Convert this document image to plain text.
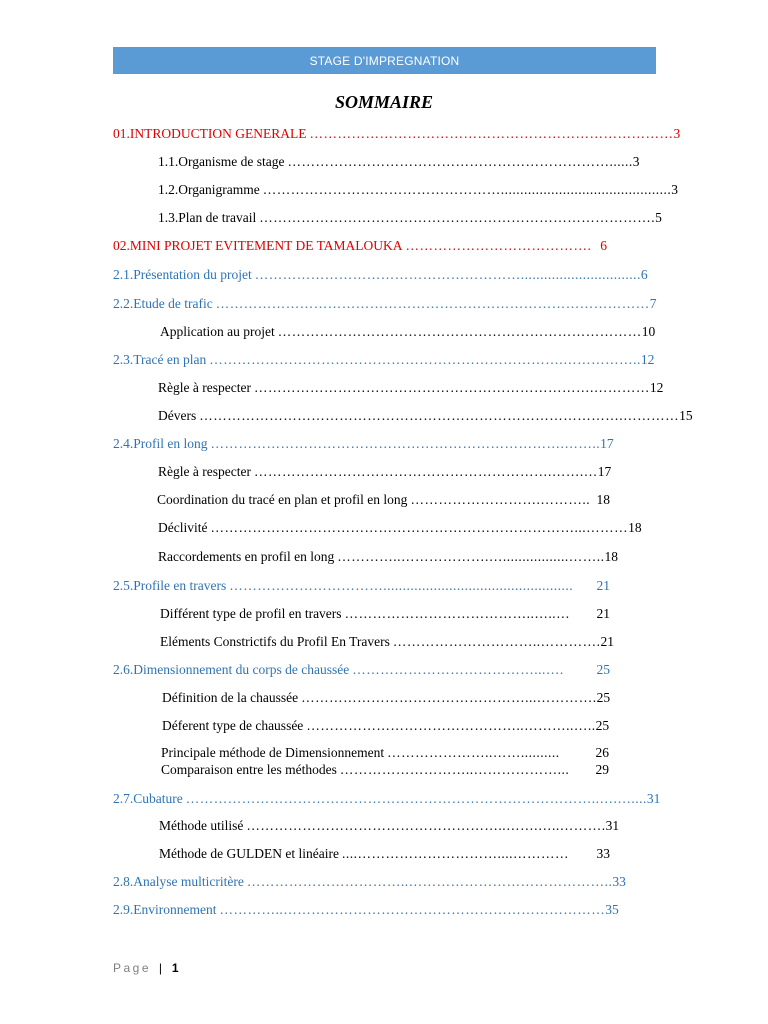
STAGE D'IMPREGNATION
SOMMAIRE
01.INTRODUCTION GENERALE …………………………………………………………………… 3
1.1.Organisme de stage ……………………………………………………………...... 3
1.2.Organigramme ……………………………………………............................................ 3
1.3.Plan de travail …………………………………………………………………………. 5
02.MINI PROJET EVITEMENT DE TAMALOUKA …………………………………. 6
2.1.Présentation du projet …………………………………………………............................... 6
2.2.Etude de trafic ………………………………………………………………………………… 7
Application au projet …………………………………………………………………… 10
2.3.Tracé en plan ………………………………………………………………….…………….. 12
Règle à respecter ……………………………………………………………….………… 12
Dévers ……………………………………………………………………………….………… 15
2.4.Profil en long ………………………………………………………………….…….. 17
Règle à respecter ……………………………………………………….…….… 17
Coordination du tracé en plan et profil en long ……………………….……….. 18
Déclivité ……………………………………………………………………...……… 18
Raccordements en profil en long …………..……………….….................…….. 18
2.5.Profile en travers …………………………….................................................	21
Différent type de profil en travers …………………………………..…..…	21
Eléments Constrictifs du Profil En Travers …………………………..…………. 21
2.6.Dimensionnement du corps de chaussée …………………………………...….	25
Définition de la chaussée …………………………………………...…………. 25
Déferent type de chaussée ………………………………………..………..….. 25
Principale méthode de Dimensionnement …………………..……..........	26
Comparaison entre les méthodes ………………………..………………...	29
2.7.Cubature ……………………………………………………………………………..….….... 31
Méthode utilisé ………………………………………………..…….…..………. 31
Méthode de GULDEN et linéaire ....…………………………....…………	33
2.8.Analyse multicritère ……………………………..…………………………………….. 33
2.9.Environnement …………..…………………………………………………………… 35
Page | 1
